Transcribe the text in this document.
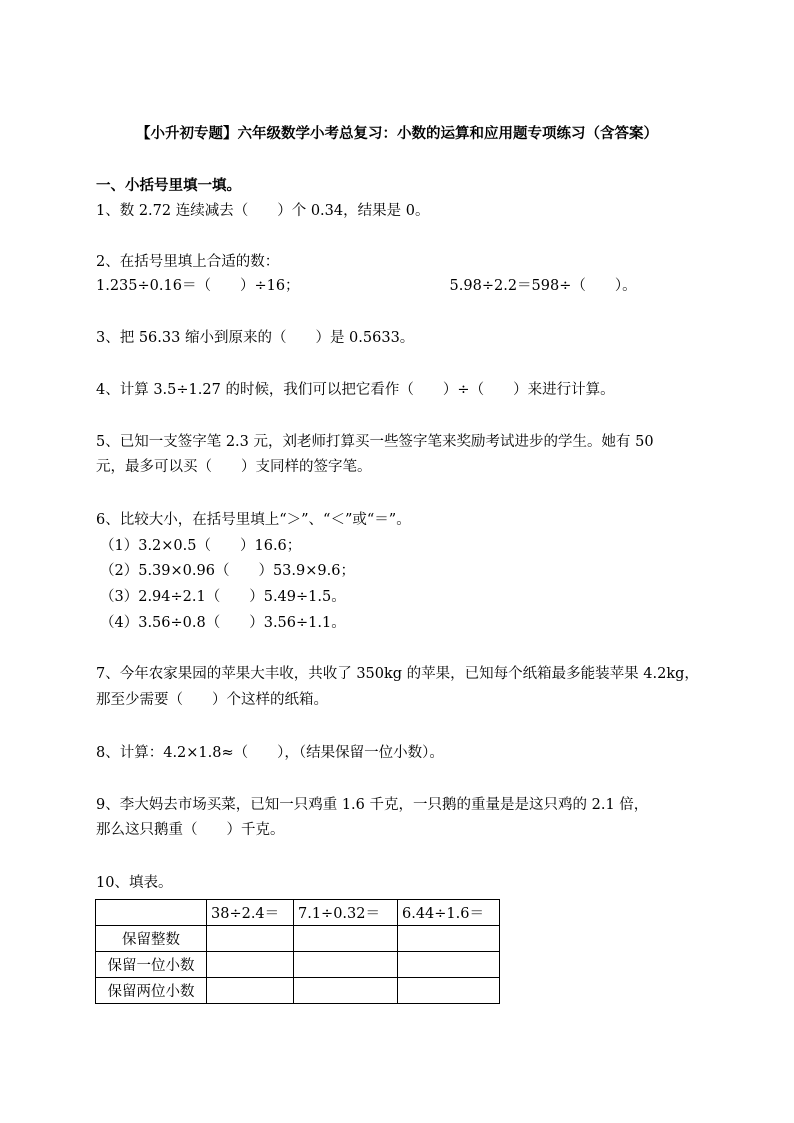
【小升初专题】六年级数学小考总复习：小数的运算和应用题专项练习（含答案）
一、小括号里填一填。
1、数 2.72 连续减去（　　）个 0.34，结果是 0。
2、在括号里填上合适的数：
1.235÷0.16＝（　　）÷16；	5.98÷2.2＝598÷（　　）。
3、把 56.33 缩小到原来的（　　）是 0.5633。
4、计算 3.5÷1.27 的时候，我们可以把它看作（　　）÷（　　）来进行计算。
5、已知一支签字笔 2.3 元，刘老师打算买一些签字笔来奖励考试进步的学生。她有 50
元，最多可以买（　　）支同样的签字笔。
6、比较大小，在括号里填上“＞”、“＜”或“＝”。
（1）3.2×0.5（　　）16.6；
（2）5.39×0.96（　　）53.9×9.6；
（3）2.94÷2.1（　　）5.49÷1.5。
（4）3.56÷0.8（　　）3.56÷1.1。
7、今年农家果园的苹果大丰收，共收了 350kg 的苹果，已知每个纸箱最多能装苹果 4.2kg，
那至少需要（　　）个这样的纸箱。
8、计算：4.2×1.8≈（　　），（结果保留一位小数）。
9、李大妈去市场买菜，已知一只鸡重 1.6 千克，一只鹅的重量是是这只鸡的 2.1 倍，
那么这只鹅重（　　）千克。
10、填表。
	38÷2.4＝	7.1÷0.32＝	6.44÷1.6＝
保留整数			
保留一位小数			
保留两位小数			
